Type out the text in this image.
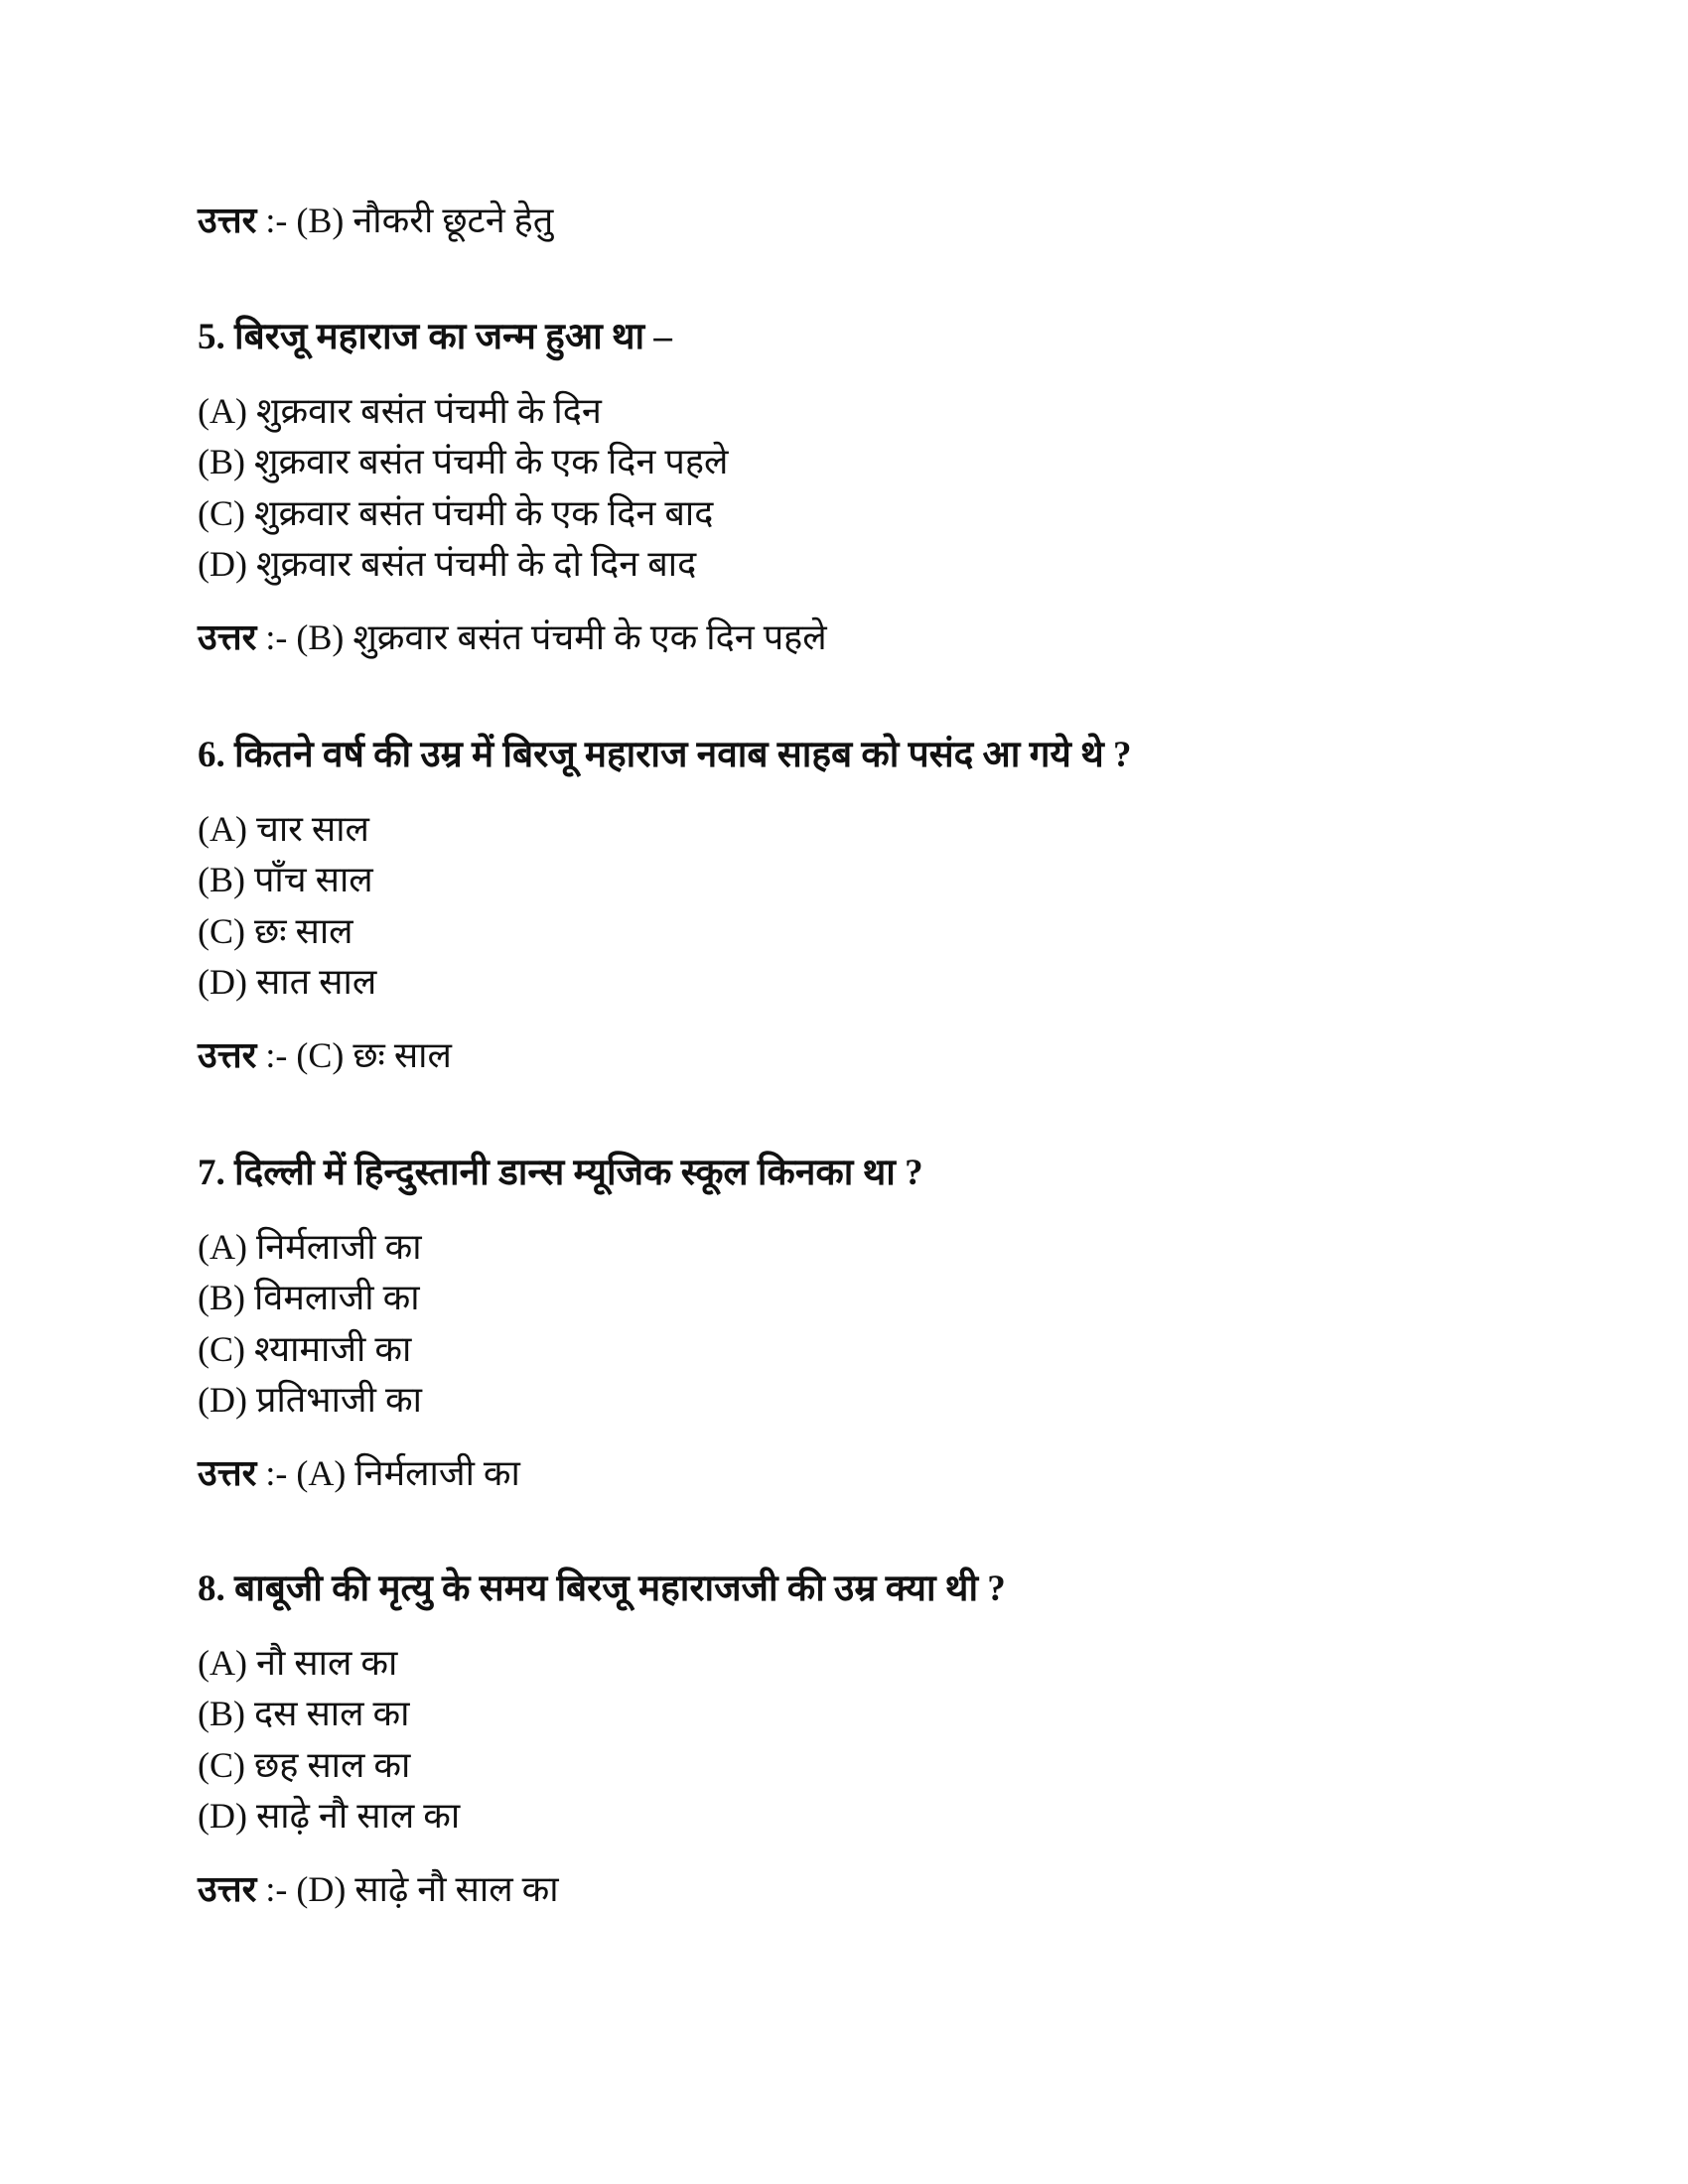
उत्तर :- (B) नौकरी छूटने हेतु
5. बिरजू महाराज का जन्म हुआ था –
(A) शुक्रवार बसंत पंचमी के दिन
(B) शुक्रवार बसंत पंचमी के एक दिन पहले
(C) शुक्रवार बसंत पंचमी के एक दिन बाद
(D) शुक्रवार बसंत पंचमी के दो दिन बाद
उत्तर :- (B) शुक्रवार बसंत पंचमी के एक दिन पहले
6. कितने वर्ष की उम्र में बिरजू महाराज नवाब साहब को पसंद आ गये थे ?
(A) चार साल
(B) पाँच साल
(C) छः साल
(D) सात साल
उत्तर :- (C) छः साल
7. दिल्ली में हिन्दुस्तानी डान्स म्यूजिक स्कूल किनका था ?
(A) निर्मलाजी का
(B) विमलाजी का
(C) श्यामाजी का
(D) प्रतिभाजी का
उत्तर :- (A) निर्मलाजी का
8. बाबूजी की मृत्यु के समय बिरजू महाराजजी की उम्र क्या थी ?
(A) नौ साल का
(B) दस साल का
(C) छह साल का
(D) साढ़े नौ साल का
उत्तर :- (D) साढ़े नौ साल का
